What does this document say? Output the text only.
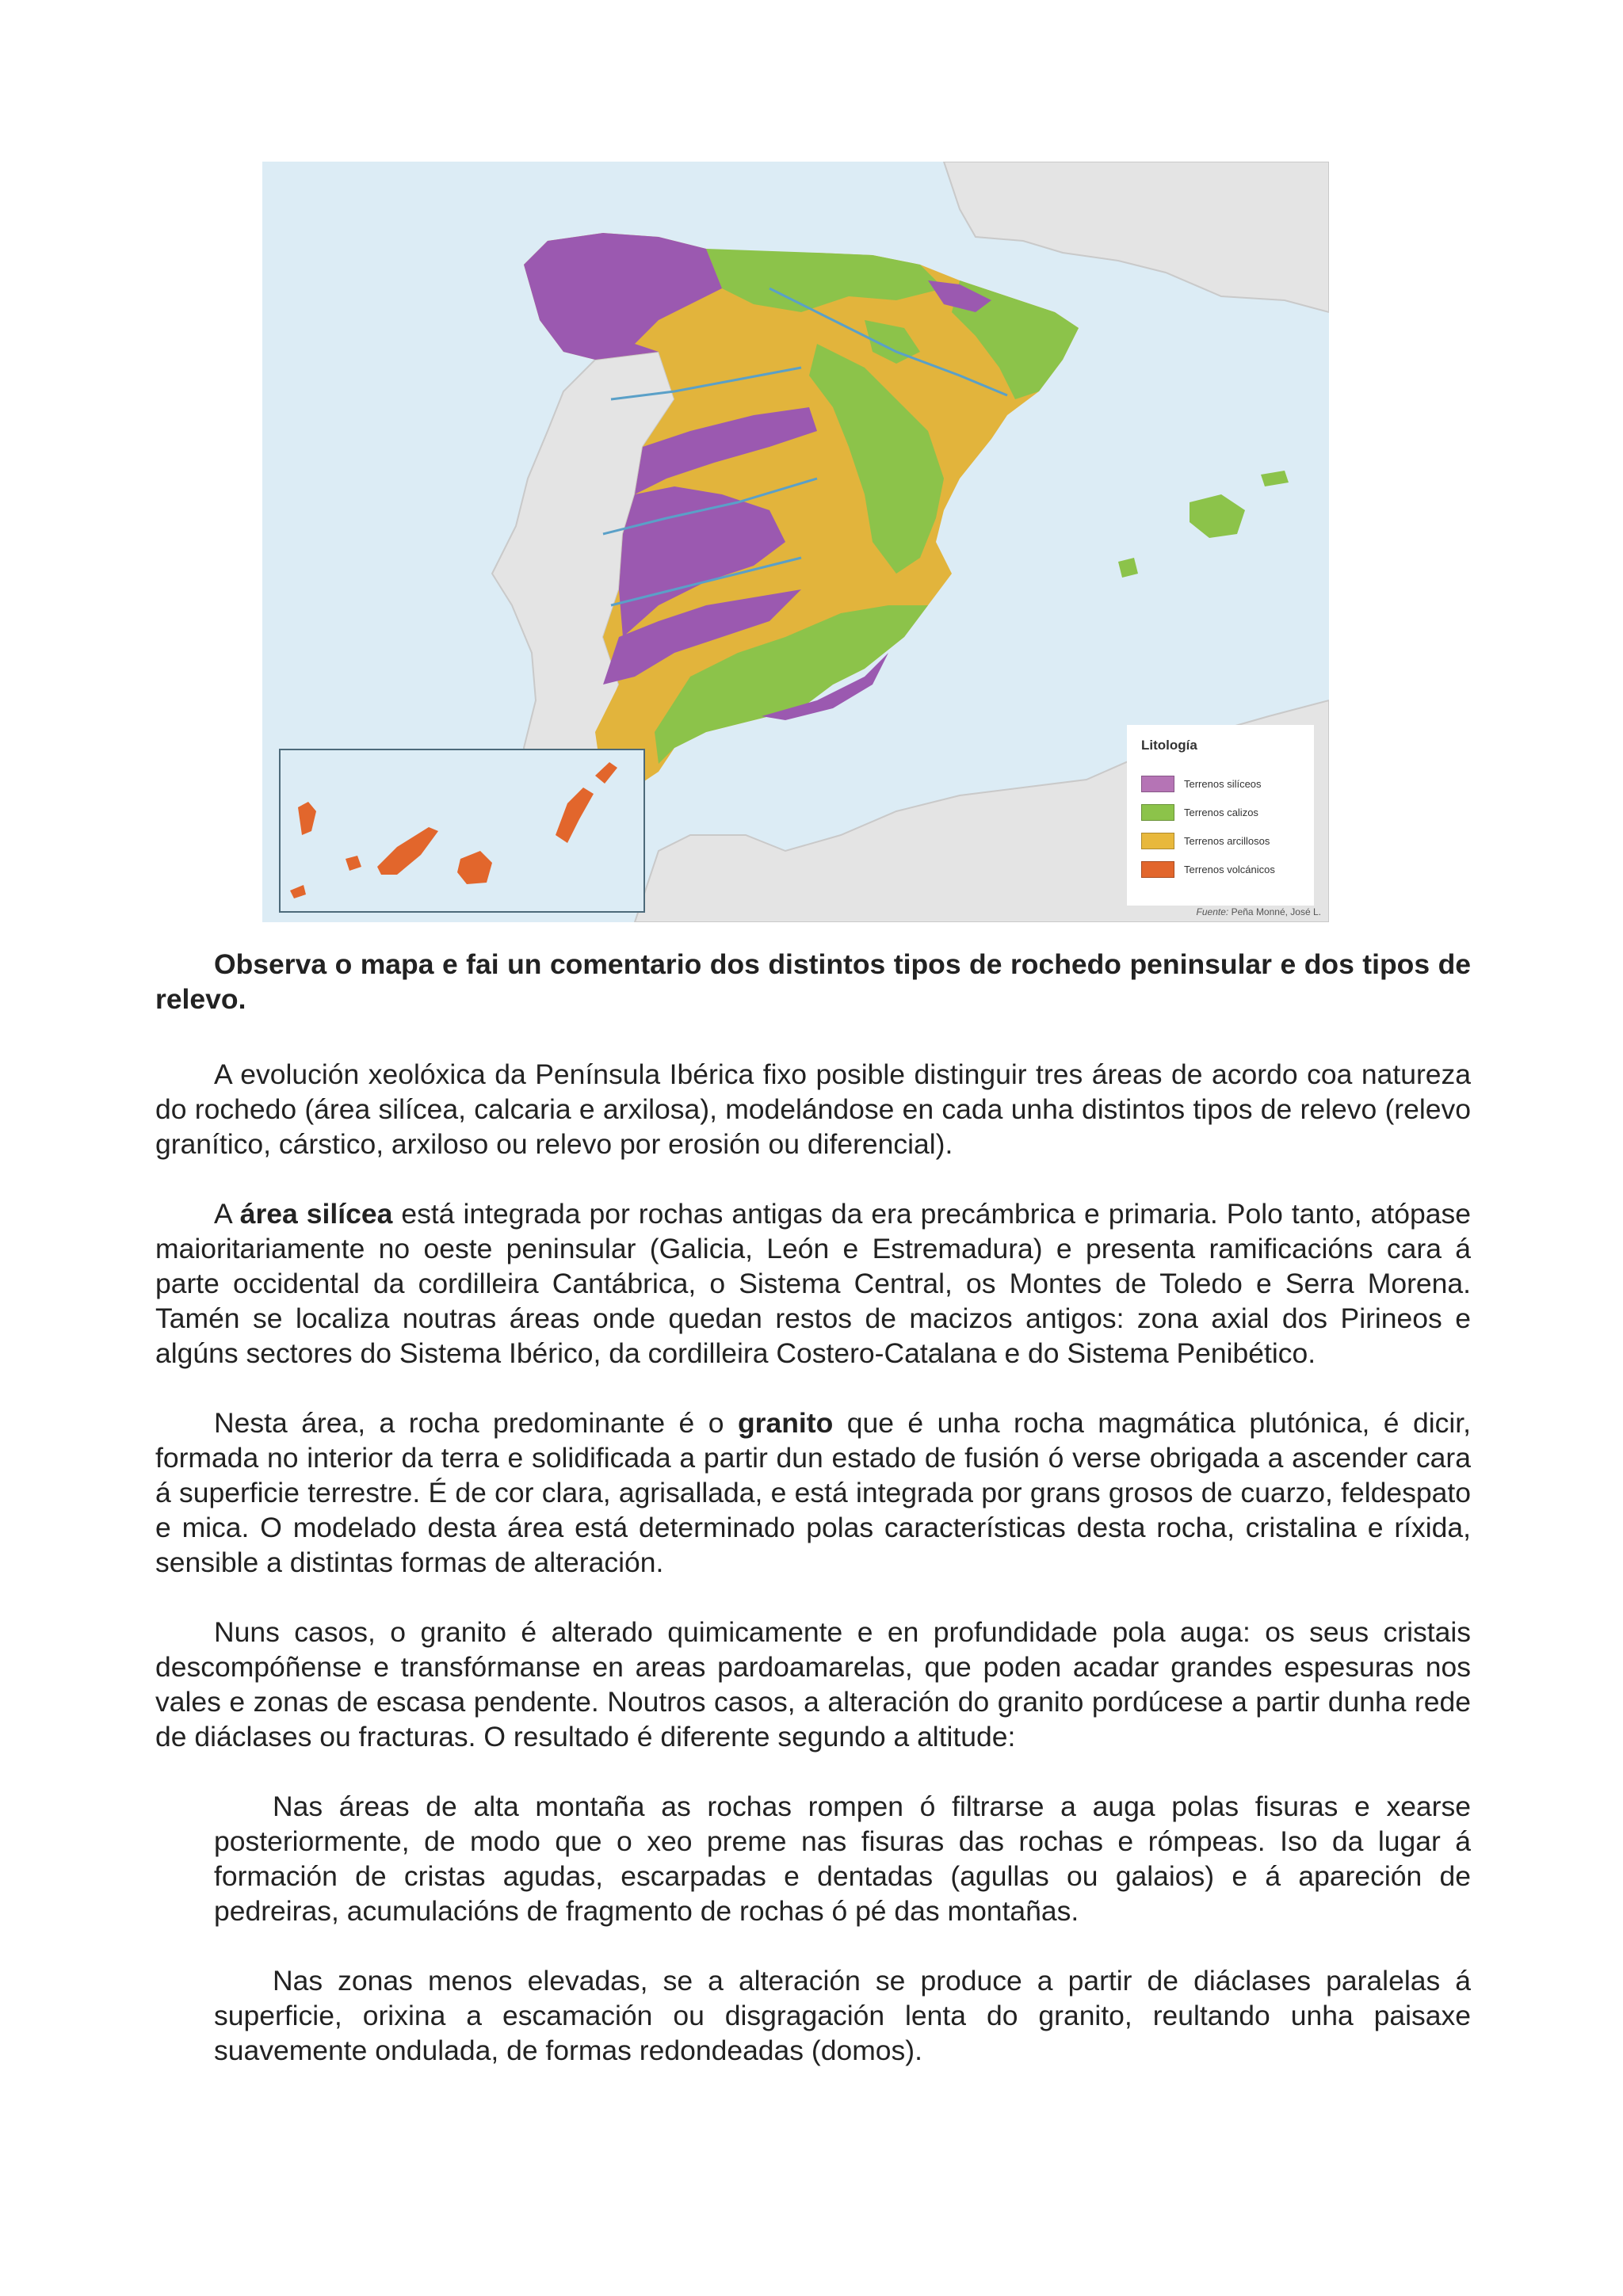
Litología
Terrenos silíceos
Terrenos calizos
Terrenos arcillosos
Terrenos volcánicos
Fuente: Peña Monné, José L.

Observa o mapa e fai un comentario dos distintos tipos de rochedo peninsular e dos tipos de relevo.

A evolución xeolóxica da Península Ibérica fixo posible distinguir tres áreas de acordo coa natureza do rochedo (área silícea, calcaria e arxilosa), modelándose en cada unha distintos tipos de relevo (relevo granítico, cárstico, arxiloso ou relevo por erosión ou diferencial).

A área silícea está integrada por rochas antigas da era precámbrica e primaria. Polo tanto, atópase maioritariamente no oeste peninsular (Galicia, León e Estremadura) e presenta ramificacións cara á parte occidental da cordilleira Cantábrica, o Sistema Central, os Montes de Toledo e Serra Morena. Tamén se localiza noutras áreas onde quedan restos de macizos antigos: zona axial dos Pirineos e algúns sectores do Sistema Ibérico, da cordilleira Costero-Catalana e do Sistema Penibético.

Nesta área, a rocha predominante é o granito que é unha rocha magmática plutónica, é dicir, formada no interior da terra e solidificada a partir dun estado de fusión ó verse obrigada a ascender cara á superficie terrestre. É de cor clara, agrisallada, e está integrada por grans grosos de cuarzo, feldespato e mica. O modelado desta área está determinado polas características desta rocha, cristalina e ríxida, sensible a distintas formas de alteración.

Nuns casos, o granito é alterado quimicamente e en profundidade pola auga: os seus cristais descompóñense e transfórmanse en areas pardoamarelas, que poden acadar grandes espesuras nos vales e zonas de escasa pendente. Noutros casos, a alteración do granito pordúcese a partir dunha rede de diáclases ou fracturas. O resultado é diferente segundo a altitude:

Nas áreas de alta montaña as rochas rompen ó filtrarse a auga polas fisuras e xearse posteriormente, de modo que o xeo preme nas fisuras das rochas e rómpeas. Iso da lugar á formación de cristas agudas, escarpadas e dentadas (agullas ou galaios) e á apareción de pedreiras, acumulacións de fragmento de rochas ó pé das montañas.

Nas zonas menos elevadas, se a alteración se produce a partir de diáclases paralelas á superficie, orixina a escamación ou disgragación lenta do granito, reultando unha paisaxe suavemente ondulada, de formas redondeadas (domos).
